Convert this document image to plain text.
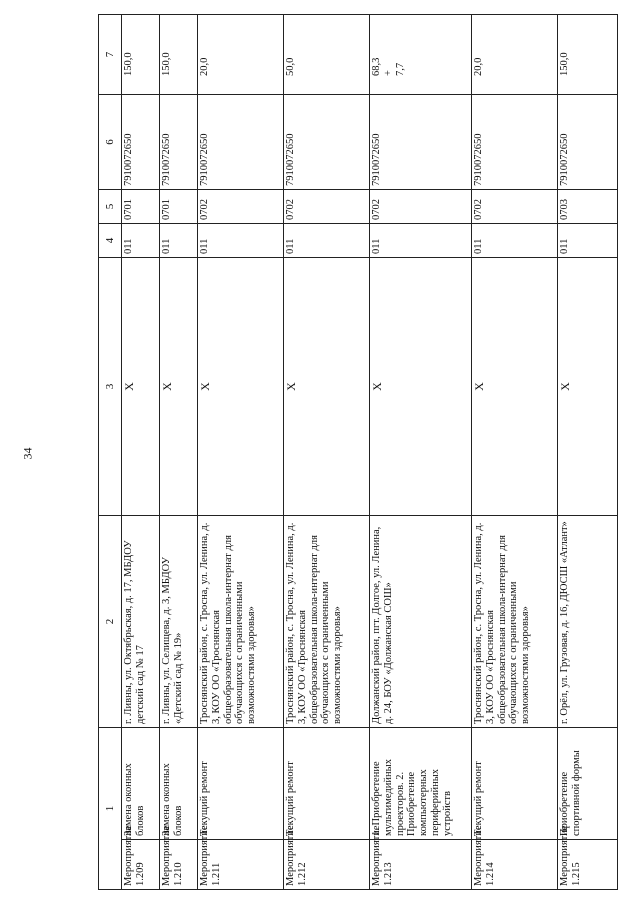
34
1		2	3	4	5	6	7
Мероприятие 1.209	Замена оконных блоков	г. Ливны, ул. Октябрьская, д. 17, МБДОУ детский сад № 17	X	011	0701	7910072650	150,0
Мероприятие 1.210	Замена оконных блоков	г. Ливны, ул. Селищева, д. 3, МБДОУ «Детский сад № 19»	X	011	0701	7910072650	150,0
Мероприятие 1.211	Текущий ремонт	Троснянский район, с. Тросна, ул. Ленина, д. 3, КОУ ОО «Троснянская общеобразовательная школа-интернат для обучающихся с ограниченными возможностями здоровья»	X	011	0702	7910072650	20,0
Мероприятие 1.212	Текущий ремонт	Троснянский район, с. Тросна, ул. Ленина, д. 3, КОУ ОО «Троснянская общеобразовательная школа-интернат для обучающихся с ограниченными возможностями здоровья»	X	011	0702	7910072650	50,0
Мероприятие 1.213	1. Приобретение мультимедийных проекторов. 2. Приобретение компьютерных периферийных устройств	Должанский район, пгт. Долгое, ул. Ленина, д. 24, БОУ «Должанская СОШ»	X	011	0702	7910072650	68,3 + 7,7

Мероприятие 1.214	Текущий ремонт	Троснянский район, с. Тросна, ул. Ленина, д. 3, КОУ ОО «Троснянская общеобразовательная школа-интернат для обучающихся с ограниченными возможностями здоровья»	X	011	0702	7910072650	20,0
Мероприятие 1.215	Приобретение спортивной формы	г. Орёл, ул. Грузовая, д. 16, ДЮСШ «Атлант»	X	011	0703	7910072650	150,0
